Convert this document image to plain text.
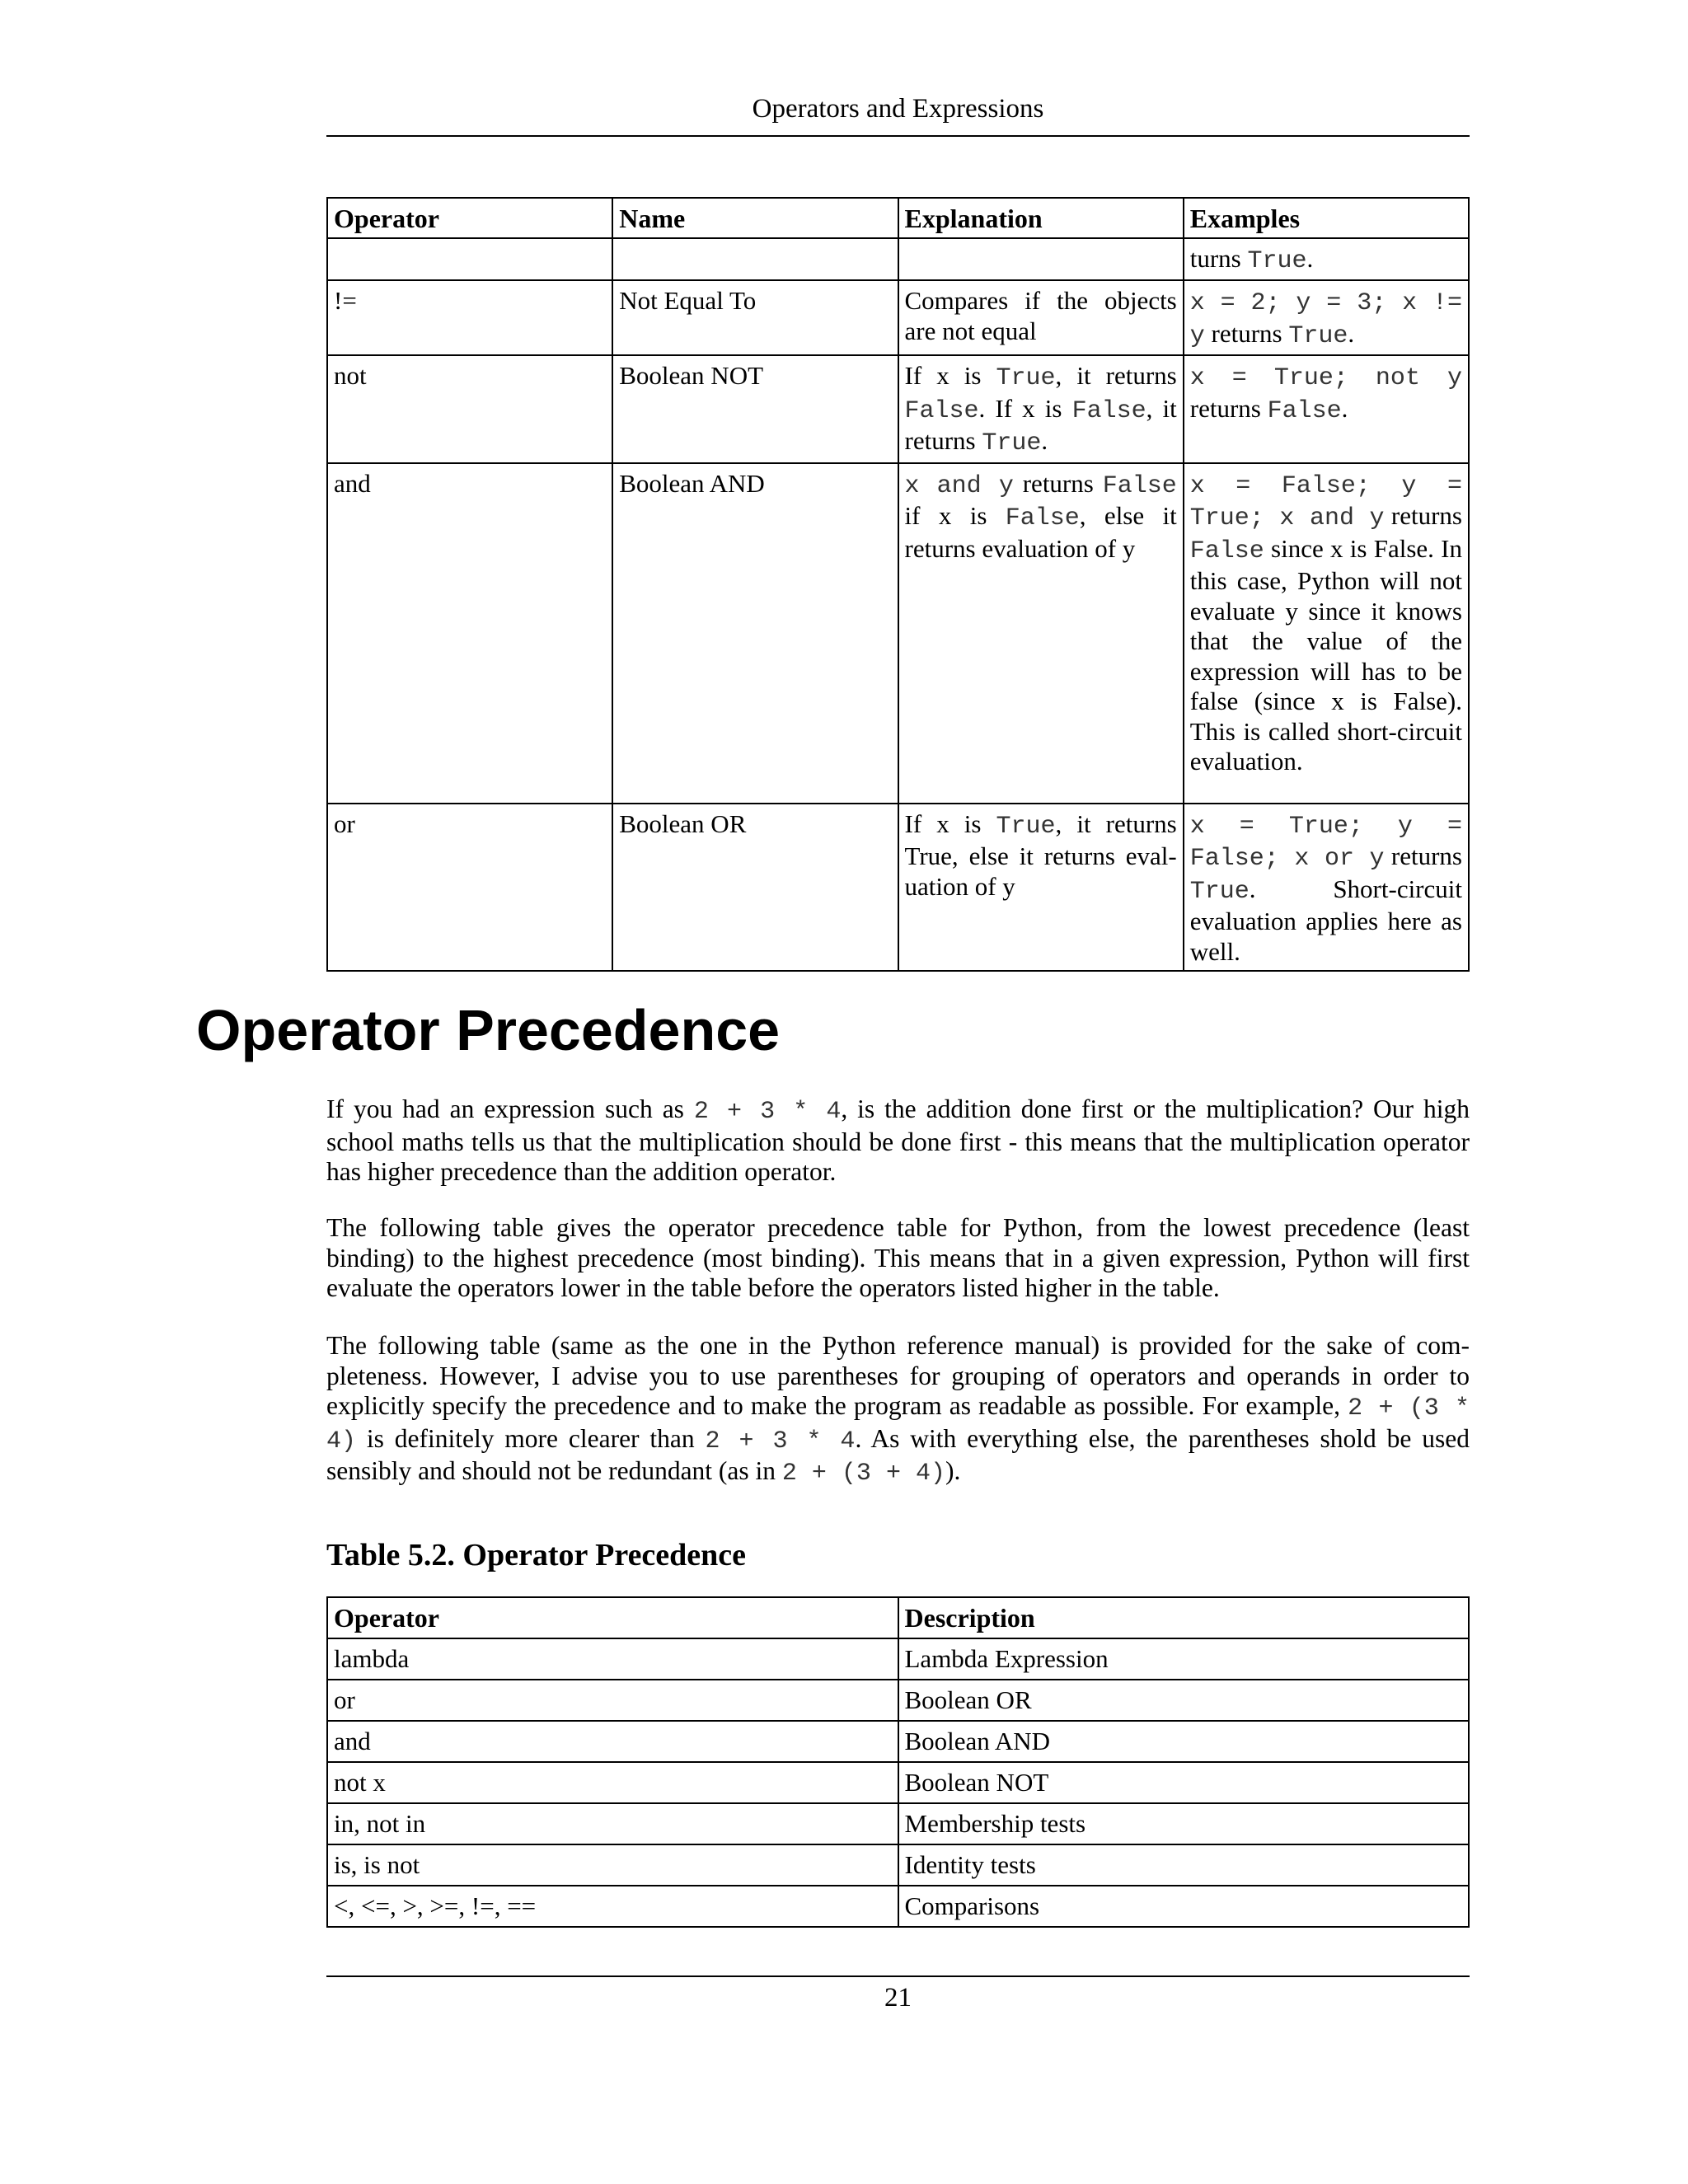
Operators and Expressions
Operator	Name	Explanation	Examples
			turns True.
!=	Not Equal To	Compares if the objects are not equal	x = 2; y = 3; x != y returns True.
not	Boolean NOT	If x is True, it returns False. If x is False, it returns True.	x = True; not y returns False.
and	Boolean AND	x and y returns False if x is False, else it returns evaluation of y	x = False; y = True; x and y returns False since x is False. In this case, Python will not evaluate y since it knows that the value of the expression will has to be false (since x is False). This is called short-circuit evaluation.
or	Boolean OR	If x is True, it returns True, else it returns evaluation of y	x = True; y = False; x or y returns True. Short-circuit evaluation applies here as well.
Operator Precedence

If you had an expression such as 2 + 3 * 4, is the addition done first or the multiplication? Our high school maths tells us that the multiplication should be done first - this means that the multiplication operator has higher precedence than the addition operator.

The following table gives the operator precedence table for Python, from the lowest precedence (least binding) to the highest precedence (most binding). This means that in a given expression, Python will first evaluate the operators lower in the table before the operators listed higher in the table.

The following table (same as the one in the Python reference manual) is provided for the sake of completeness. However, I advise you to use parentheses for grouping of operators and operands in order to explicitly specify the precedence and to make the program as readable as possible. For example, 2 + (3 * 4) is definitely more clearer than 2 + 3 * 4. As with everything else, the parentheses shold be used sensibly and should not be redundant (as in 2 + (3 + 4)).

Table 5.2. Operator Precedence
Operator	Description
lambda	Lambda Expression
or	Boolean OR
and	Boolean AND
not x	Boolean NOT
in, not in	Membership tests
is, is not	Identity tests
<, <=, >, >=, !=, ==	Comparisons
21
